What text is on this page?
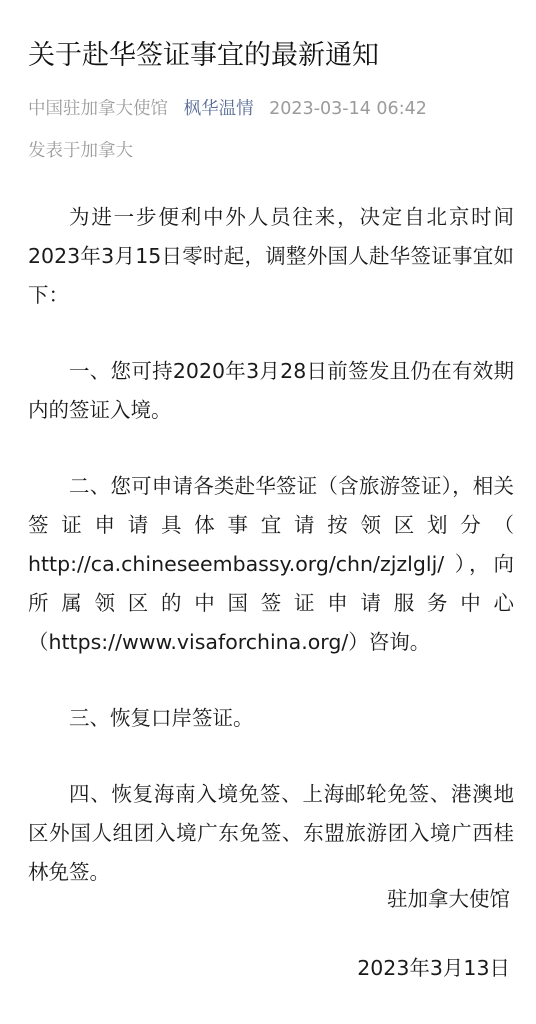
关于赴华签证事宜的最新通知
中国驻加拿大使馆 枫华温情 2023-03-14 06:42
发表于加拿大

为进一步便利中外人员往来，决定自北京时间2023年3月15日零时起，调整外国人赴华签证事宜如下：

一、您可持2020年3月28日前签发且仍在有效期内的签证入境。

二、您可申请各类赴华签证（含旅游签证），相关签证申请具体事宜请按领区划分（ http://ca.chineseembassy.org/chn/zjzlglj/ ），向所属领区的中国签证申请服务中心（https://www.visaforchina.org/）咨询。

三、恢复口岸签证。

四、恢复海南入境免签、上海邮轮免签、港澳地区外国人组团入境广东免签、东盟旅游团入境广西桂林免签。

驻加拿大使馆
2023年3月13日
